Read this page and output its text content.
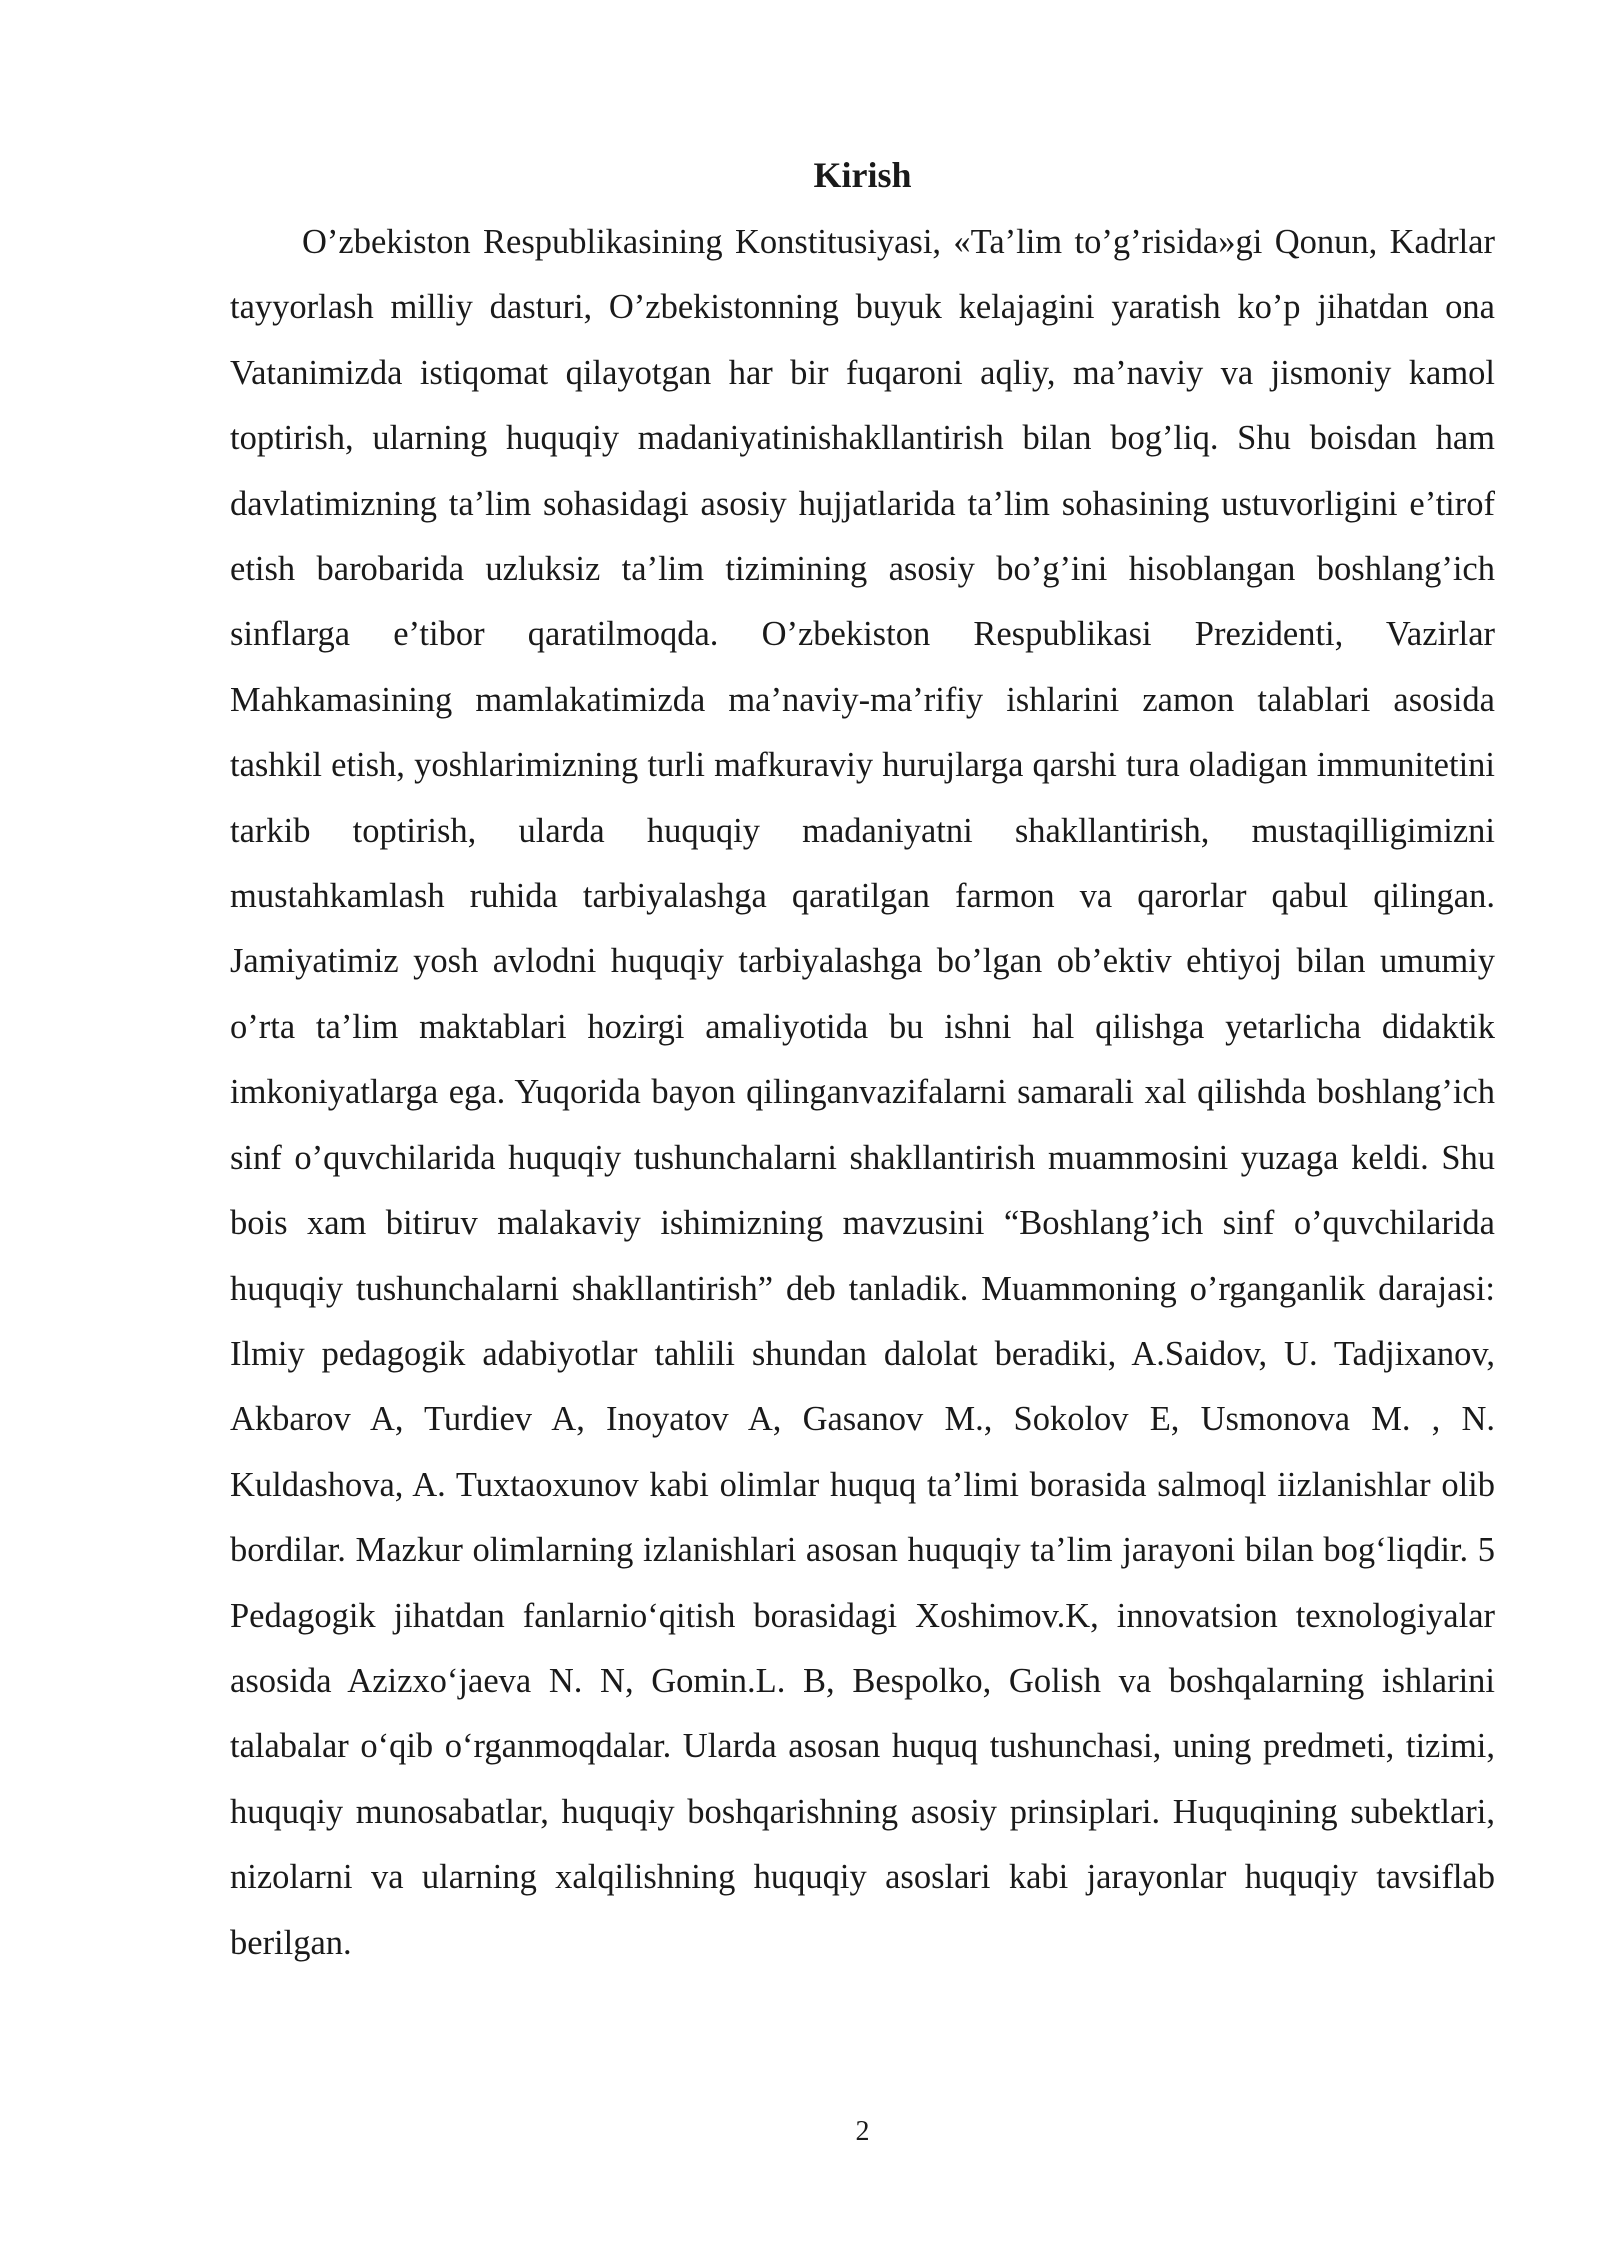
Kirish

O’zbekiston Respublikasining Konstitusiyasi, «Ta’lim to’g’risida»gi Qonun, Kadrlar tayyorlash milliy dasturi, O’zbekistonning buyuk kelajagini yaratish ko’p jihatdan ona Vatanimizda istiqomat qilayotgan har bir fuqaroni aqliy, ma’naviy va jismoniy kamol toptirish, ularning huquqiy madaniyatinishakllantirish bilan bog’liq. Shu boisdan ham davlatimizning ta’lim sohasidagi asosiy hujjatlarida ta’lim sohasining ustuvorligini e’tirof etish barobarida uzluksiz ta’lim tizimining asosiy bo’g’ini hisoblangan boshlang’ich sinflarga e’tibor qaratilmoqda. O’zbekiston Respublikasi Prezidenti, Vazirlar Mahkamasining mamlakatimizda ma’naviy-ma’rifiy ishlarini zamon talablari asosida tashkil etish, yoshlarimizning turli mafkuraviy hurujlarga qarshi tura oladigan immunitetini tarkib toptirish, ularda huquqiy madaniyatni shakllantirish, mustaqilligimizni mustahkamlash ruhida tarbiyalashga qaratilgan farmon va qarorlar qabul qilingan. Jamiyatimiz yosh avlodni huquqiy tarbiyalashga bo’lgan ob’ektiv ehtiyoj bilan umumiy o’rta ta’lim maktablari hozirgi amaliyotida bu ishni hal qilishga yetarlicha didaktik imkoniyatlarga ega. Yuqorida bayon qilinganvazifalarni samarali xal qilishda boshlang’ich sinf o’quvchilarida huquqiy tushunchalarni shakllantirish muammosini yuzaga keldi. Shu bois xam bitiruv malakaviy ishimizning mavzusini “Boshlang’ich sinf o’quvchilarida huquqiy tushunchalarni shakllantirish” deb tanladik. Muammoning o’rganganlik darajasi: Ilmiy pedagogik adabiyotlar tahlili shundan dalolat beradiki, A.Saidov, U. Tadjixanov, Akbarov A, Turdiev A, Inoyatov A, Gasanov M., Sokolov E, Usmonova M. , N. Kuldashova, A. Tuxtaoxunov kabi olimlar huquq ta’limi borasida salmoql iizlanishlar olib bordilar. Mazkur olimlarning izlanishlari asosan huquqiy ta’lim jarayoni bilan bog‘liqdir. 5 Pedagogik jihatdan fanlarnio‘qitish borasidagi Xoshimov.K, innovatsion texnologiyalar asosida Azizxo‘jaeva N. N, Gomin.L. B, Bespolko, Golish va boshqalarning ishlarini talabalar o‘qib o‘rganmoqdalar. Ularda asosan huquq tushunchasi, uning predmeti, tizimi, huquqiy munosabatlar, huquqiy boshqarishning asosiy prinsiplari. Huquqining subektlari, nizolarni va ularning xalqilishning huquqiy asoslari kabi jarayonlar huquqiy tavsiflab berilgan.

2
